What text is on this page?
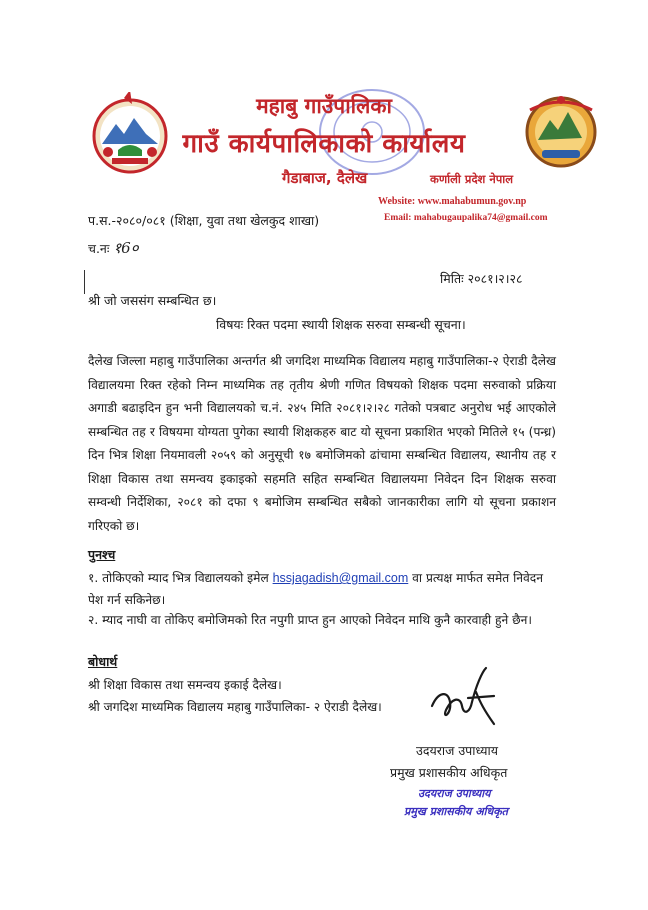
महाबु गाउँपालिका
गाउँ कार्यपालिकाको कार्यालय
गैडाबाज, दैलेख	कर्णाली प्रदेश नेपाल
Website: www.mahabumun.gov.np
Email: mahabugaupalika74@gmail.com
प.स.-२०८०/०८१ (शिक्षा, युवा तथा खेलकुद शाखा)
च.नः १6०
मितिः २०८१।२।२८
श्री जो जससंग सम्बन्धित छ।
विषयः रिक्त पदमा स्थायी शिक्षक सरुवा सम्बन्धी सूचना।
दैलेख जिल्ला महाबु गाउँपालिका अन्तर्गत श्री जगदिश माध्यमिक विद्यालय महाबु गाउँपालिका-२ ऐराडी दैलेख विद्यालयमा रिक्त रहेको निम्न माध्यमिक तह तृतीय श्रेणी गणित विषयको शिक्षक पदमा सरुवाको प्रक्रिया अगाडी बढाइदिन हुन भनी विद्यालयको च.नं. २४५ मिति २०८१।२।२८ गतेको पत्रबाट अनुरोध भई आएकोले सम्बन्धित तह र विषयमा योग्यता पुगेका स्थायी शिक्षकहरु बाट यो सूचना प्रकाशित भएको मितिले १५ (पन्ध्र) दिन भित्र शिक्षा नियमावली २०५९ को अनुसूची १७ बमोजिमको ढांचामा सम्बन्धित विद्यालय, स्थानीय तह र शिक्षा विकास तथा समन्वय इकाइको सहमति सहित सम्बन्धित विद्यालयमा निवेदन दिन शिक्षक सरुवा सम्वन्धी निर्देशिका, २०८१ को दफा ९ बमोजिम सम्बन्धित सबैको जानकारीका लागि यो सूचना प्रकाशन गरिएको छ।
पुनश्च
१. तोकिएको म्याद भित्र विद्यालयको इमेल hssjagadish@gmail.com वा प्रत्यक्ष मार्फत समेत निवेदन पेश गर्न सकिनेछ।
२. म्याद नाघी वा तोकिए बमोजिमको रित नपुगी प्राप्त हुन आएको निवेदन माथि कुनै कारवाही हुने छैन।
बोधार्थ
श्री शिक्षा विकास तथा समन्वय इकाई दैलेख।
श्री जगदिश माध्यमिक विद्यालय महाबु गाउँपालिका- २ ऐराडी दैलेख।
उदयराज उपाध्याय
प्रमुख प्रशासकीय अधिकृत
उदयराज उपाध्याय
प्रमुख प्रशासकीय अधिकृत
